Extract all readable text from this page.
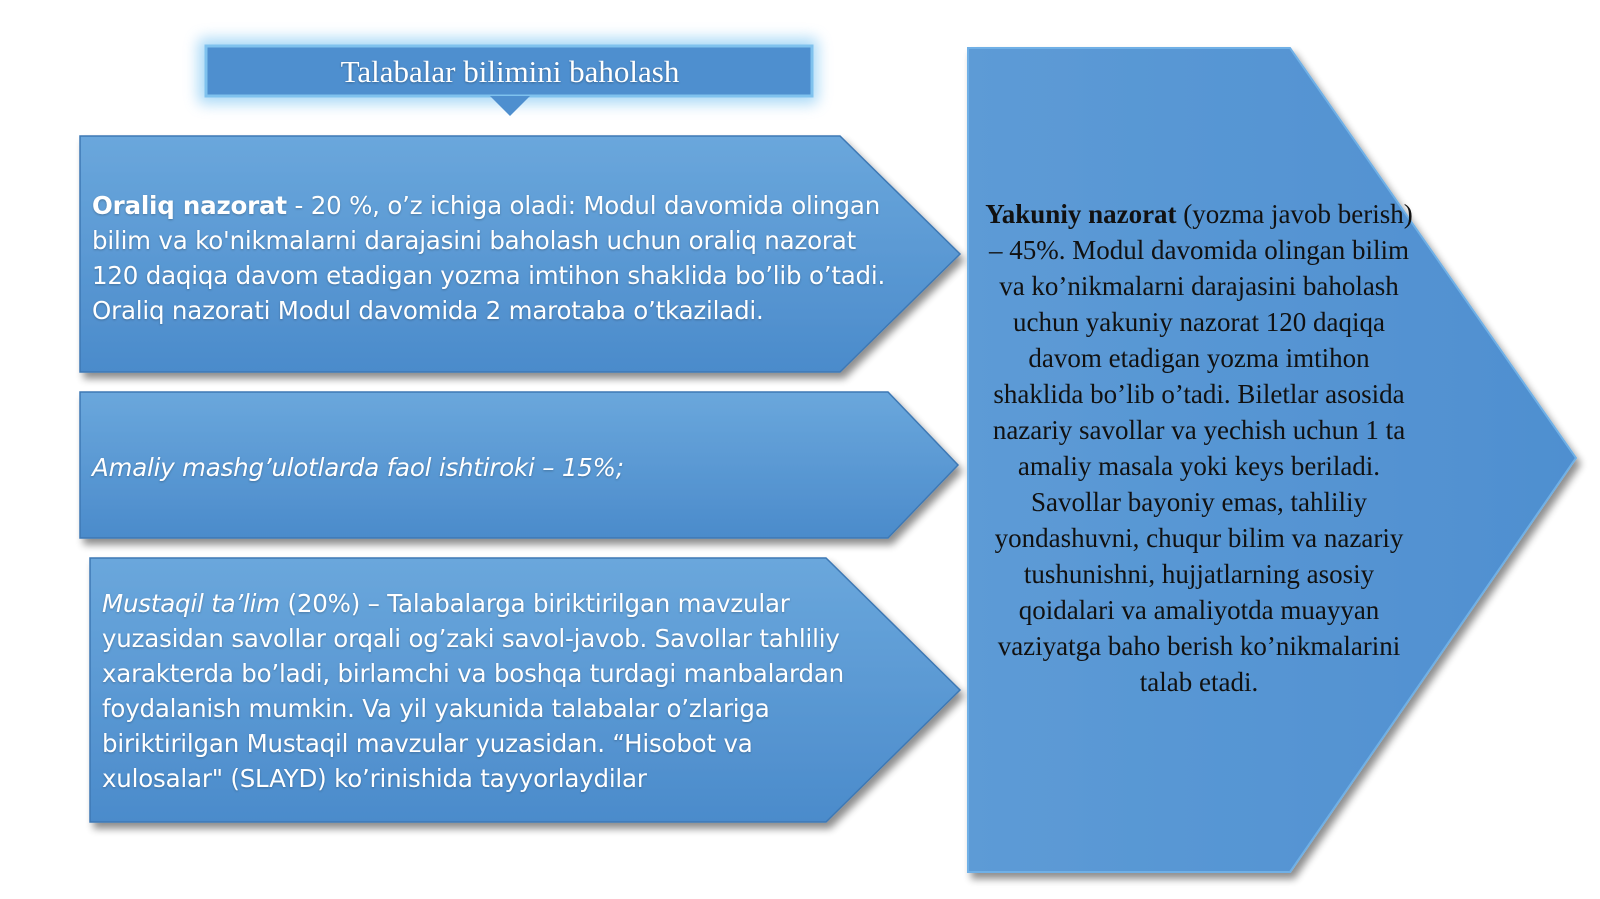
Talabalar bilimini baholash
Oraliq nazorat - 20 %, o’z ichiga oladi: Modul davomida olingan bilim va ko'nikmalarni darajasini baholash uchun oraliq nazorat 120 daqiqa davom etadigan yozma imtihon shaklida bo’lib o’tadi. Oraliq nazorati Modul davomida 2 marotaba o’tkaziladi.
Amaliy mashg’ulotlarda faol ishtiroki – 15%;
Mustaqil ta’lim (20%) – Talabalarga biriktirilgan mavzular yuzasidan savollar orqali og’zaki savol-javob. Savollar tahliliy xarakterda bo’ladi, birlamchi va boshqa turdagi manbalardan foydalanish mumkin. Va yil yakunida talabalar o’zlariga biriktirilgan Mustaqil mavzular yuzasidan. “Hisobot va xulosalar" (SLAYD) ko’rinishida tayyorlaydilar
Yakuniy nazorat (yozma javob berish) – 45%. Modul davomida olingan bilim va ko’nikmalarni darajasini baholash uchun yakuniy nazorat 120 daqiqa davom etadigan yozma imtihon shaklida bo’lib o’tadi. Biletlar asosida nazariy savollar va yechish uchun 1 ta amaliy masala yoki keys beriladi. Savollar bayoniy emas, tahliliy yondashuvni, chuqur bilim va nazariy tushunishni, hujjatlarning asosiy qoidalari va amaliyotda muayyan vaziyatga baho berish ko’nikmalarini talab etadi.
